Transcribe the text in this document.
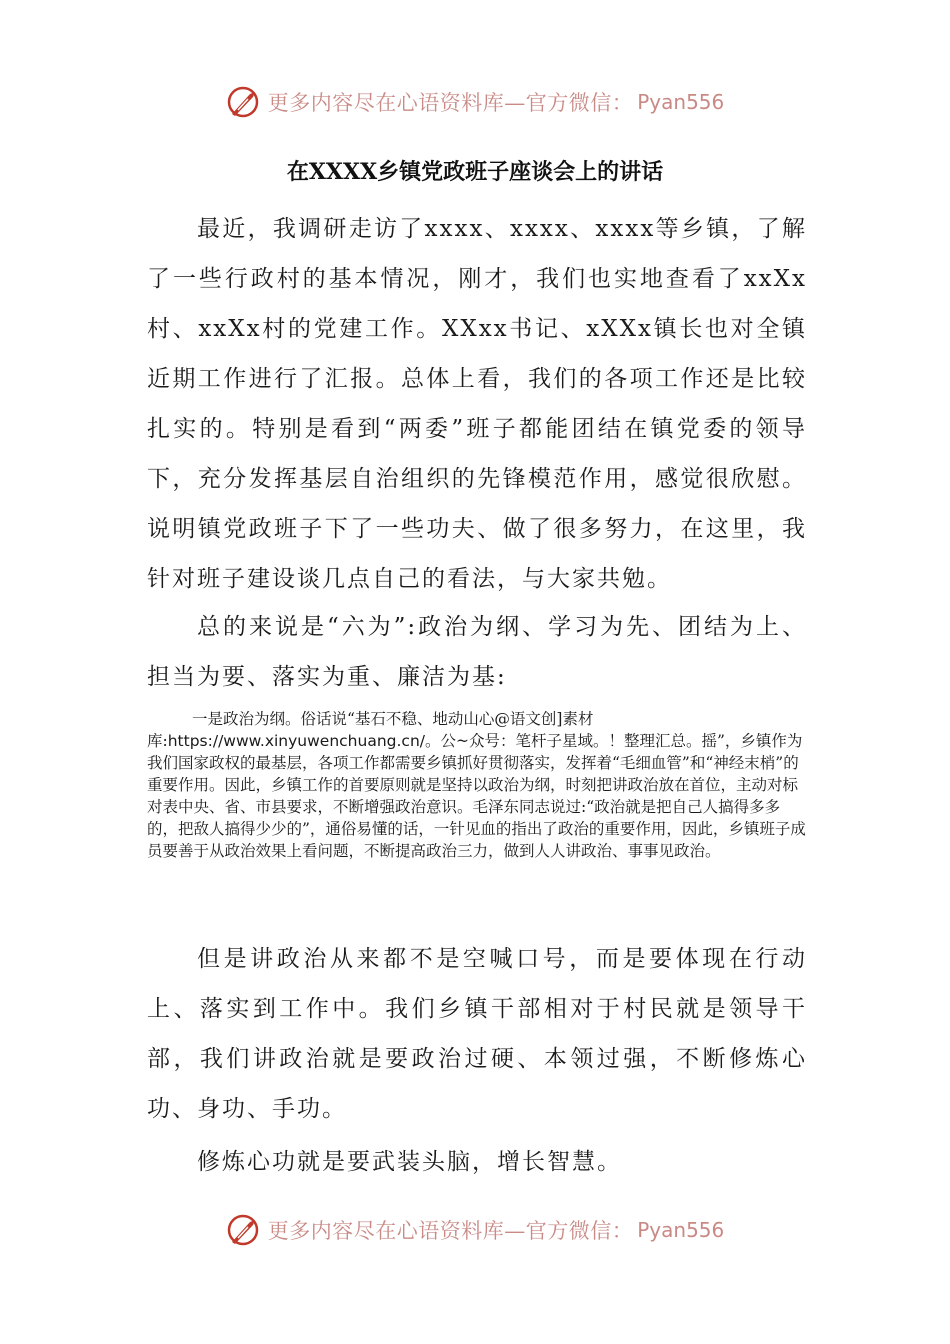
更多内容尽在心语资料库—官方微信： Pyan556
在XXXX乡镇党政班子座谈会上的讲话
最近，我调研走访了xxxx、xxxx、xxxx等乡镇，了解了一些行政村的基本情况，刚才，我们也实地查看了xxXx村、xxXx村的党建工作。XXxx书记、xXXx镇长也对全镇近期工作进行了汇报。总体上看，我们的各项工作还是比较扎实的。特别是看到“两委”班子都能团结在镇党委的领导下，充分发挥基层自治组织的先锋模范作用，感觉很欣慰。说明镇党政班子下了一些功夫、做了很多努力，在这里，我针对班子建设谈几点自己的看法，与大家共勉。
总的来说是“六为”:政治为纲、学习为先、团结为上、担当为要、落实为重、廉洁为基:
一是政治为纲。俗话说“基石不稳、地动山心@语文创]素材库:https://www.xinyuwenchuang.cn/。公~众号：笔杆子星域。！整理汇总。摇”，乡镇作为我们国家政权的最基层，各项工作都需要乡镇抓好贯彻落实，发挥着“毛细血管”和“神经末梢”的重要作用。因此，乡镇工作的首要原则就是坚持以政治为纲，时刻把讲政治放在首位，主动对标对表中央、省、市县要求，不断增强政治意识。毛泽东同志说过:“政治就是把自己人搞得多多的，把敌人搞得少少的”，通俗易懂的话，一针见血的指出了政治的重要作用，因此，乡镇班子成员要善于从政治效果上看问题，不断提高政治三力，做到人人讲政治、事事见政治。
但是讲政治从来都不是空喊口号，而是要体现在行动上、落实到工作中。我们乡镇干部相对于村民就是领导干部，我们讲政治就是要政治过硬、本领过强，不断修炼心功、身功、手功。
修炼心功就是要武装头脑，增长智慧。
更多内容尽在心语资料库—官方微信： Pyan556
